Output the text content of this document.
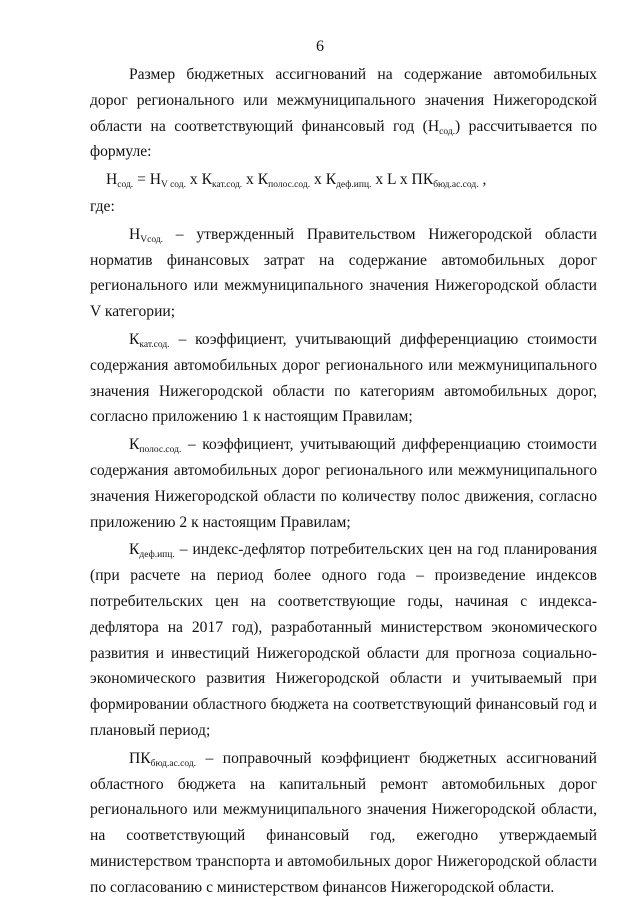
6

Размер бюджетных ассигнований на содержание автомобильных дорог регионального или межмуниципального значения Нижегородской области на соответствующий финансовый год $(Н_{сод.})$ рассчитывается по формуле:

$Н_{сод.} = Н_{V сод.}$ х $К_{кат.сод.}$ х $К_{полос.сод.}$ х $К_{деф.ипц.}$ х L х $ПК_{бюд.ас.сод.}$ ,

где:

$Н_{Vсод.}$ – утвержденный Правительством Нижегородской области норматив финансовых затрат на содержание автомобильных дорог регионального или межмуниципального значения Нижегородской области V категории;

$К_{кат.сод.}$ – коэффициент, учитывающий дифференциацию стоимости содержания автомобильных дорог регионального или межмуниципального значения Нижегородской области по категориям автомобильных дорог, согласно приложению 1 к настоящим Правилам;

$К_{полос.сод.}$ – коэффициент, учитывающий дифференциацию стоимости содержания автомобильных дорог регионального или межмуниципального значения Нижегородской области по количеству полос движения, согласно приложению 2 к настоящим Правилам;

$К_{деф.ипц.}$ – индекс-дефлятор потребительских цен на год планирования (при расчете на период более одного года – произведение индексов потребительских цен на соответствующие годы, начиная с индекса-дефлятора на 2017 год), разработанный министерством экономического развития и инвестиций Нижегородской области для прогноза социально-экономического развития Нижегородской области и учитываемый при формировании областного бюджета на соответствующий финансовый год и плановый период;

$ПК_{бюд.ас.сод.}$ – поправочный коэффициент бюджетных ассигнований областного бюджета на капитальный ремонт автомобильных дорог регионального или межмуниципального значения Нижегородской области, на соответствующий финансовый год, ежегодно утверждаемый министерством транспорта и автомобильных дорог Нижегородской области по согласованию с министерством финансов Нижегородской области.
